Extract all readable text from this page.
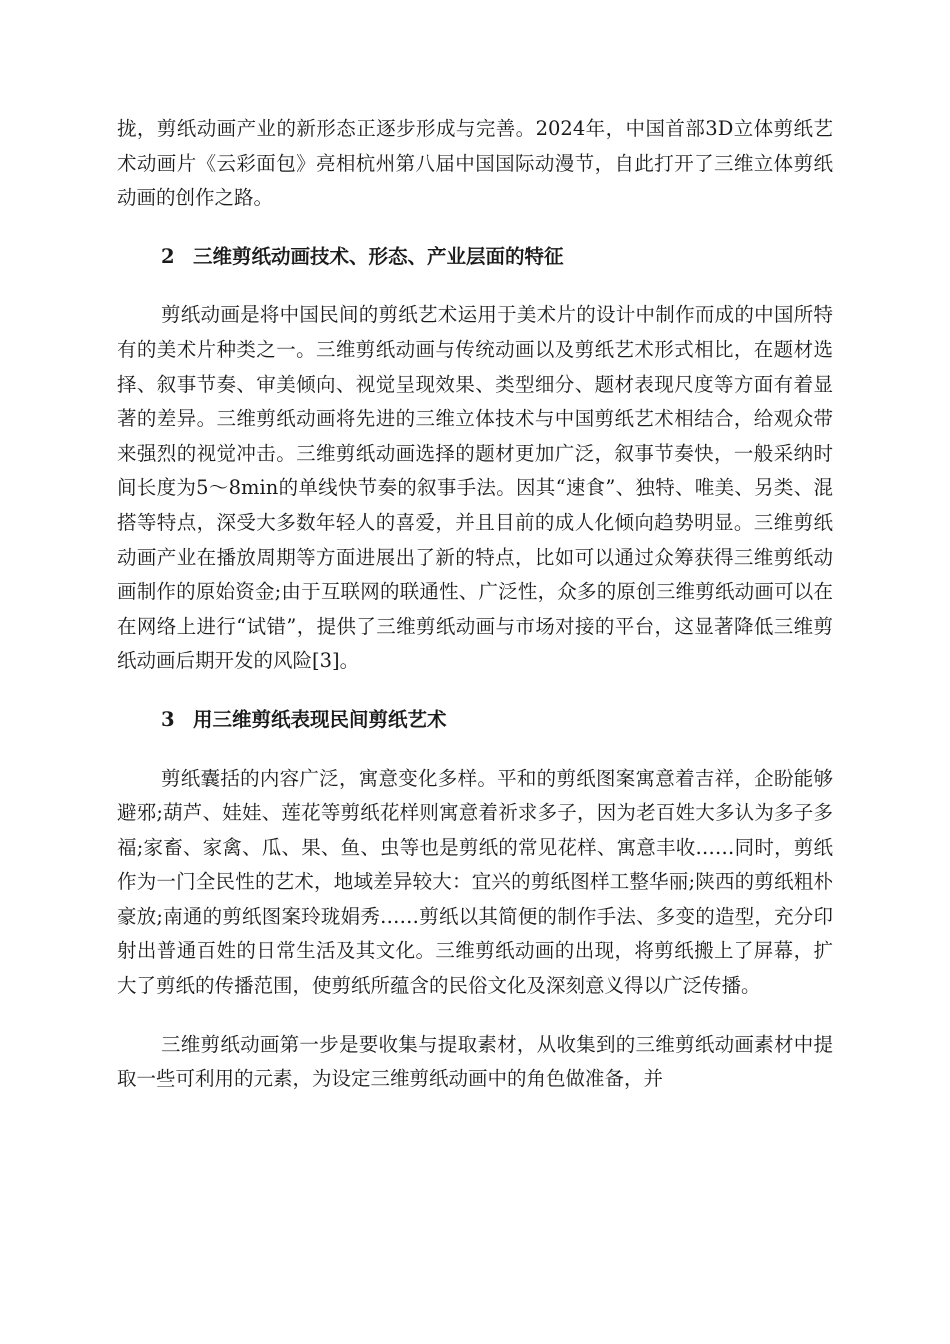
拢，剪纸动画产业的新形态正逐步形成与完善。2024年，中国首部3D立体剪纸艺术动画片《云彩面包》亮相杭州第八届中国国际动漫节，自此打开了三维立体剪纸动画的创作之路。

2 三维剪纸动画技术、形态、产业层面的特征

剪纸动画是将中国民间的剪纸艺术运用于美术片的设计中制作而成的中国所特有的美术片种类之一。三维剪纸动画与传统动画以及剪纸艺术形式相比，在题材选择、叙事节奏、审美倾向、视觉呈现效果、类型细分、题材表现尺度等方面有着显著的差异。三维剪纸动画将先进的三维立体技术与中国剪纸艺术相结合，给观众带来强烈的视觉冲击。三维剪纸动画选择的题材更加广泛，叙事节奏快，一般采纳时间长度为5～8min的单线快节奏的叙事手法。因其“速食”、独特、唯美、另类、混搭等特点，深受大多数年轻人的喜爱，并且目前的成人化倾向趋势明显。三维剪纸动画产业在播放周期等方面进展出了新的特点，比如可以通过众筹获得三维剪纸动画制作的原始资金;由于互联网的联通性、广泛性，众多的原创三维剪纸动画可以在在网络上进行“试错”，提供了三维剪纸动画与市场对接的平台，这显著降低三维剪纸动画后期开发的风险[3]。

3 用三维剪纸表现民间剪纸艺术

剪纸囊括的内容广泛，寓意变化多样。平和的剪纸图案寓意着吉祥，企盼能够避邪;葫芦、娃娃、莲花等剪纸花样则寓意着祈求多子，因为老百姓大多认为多子多福;家畜、家禽、瓜、果、鱼、虫等也是剪纸的常见花样、寓意丰收……同时，剪纸作为一门全民性的艺术，地域差异较大：宜兴的剪纸图样工整华丽;陕西的剪纸粗朴豪放;南通的剪纸图案玲珑娟秀……剪纸以其简便的制作手法、多变的造型，充分印射出普通百姓的日常生活及其文化。三维剪纸动画的出现，将剪纸搬上了屏幕，扩大了剪纸的传播范围，使剪纸所蕴含的民俗文化及深刻意义得以广泛传播。

三维剪纸动画第一步是要收集与提取素材，从收集到的三维剪纸动画素材中提取一些可利用的元素，为设定三维剪纸动画中的角色做准备，并
